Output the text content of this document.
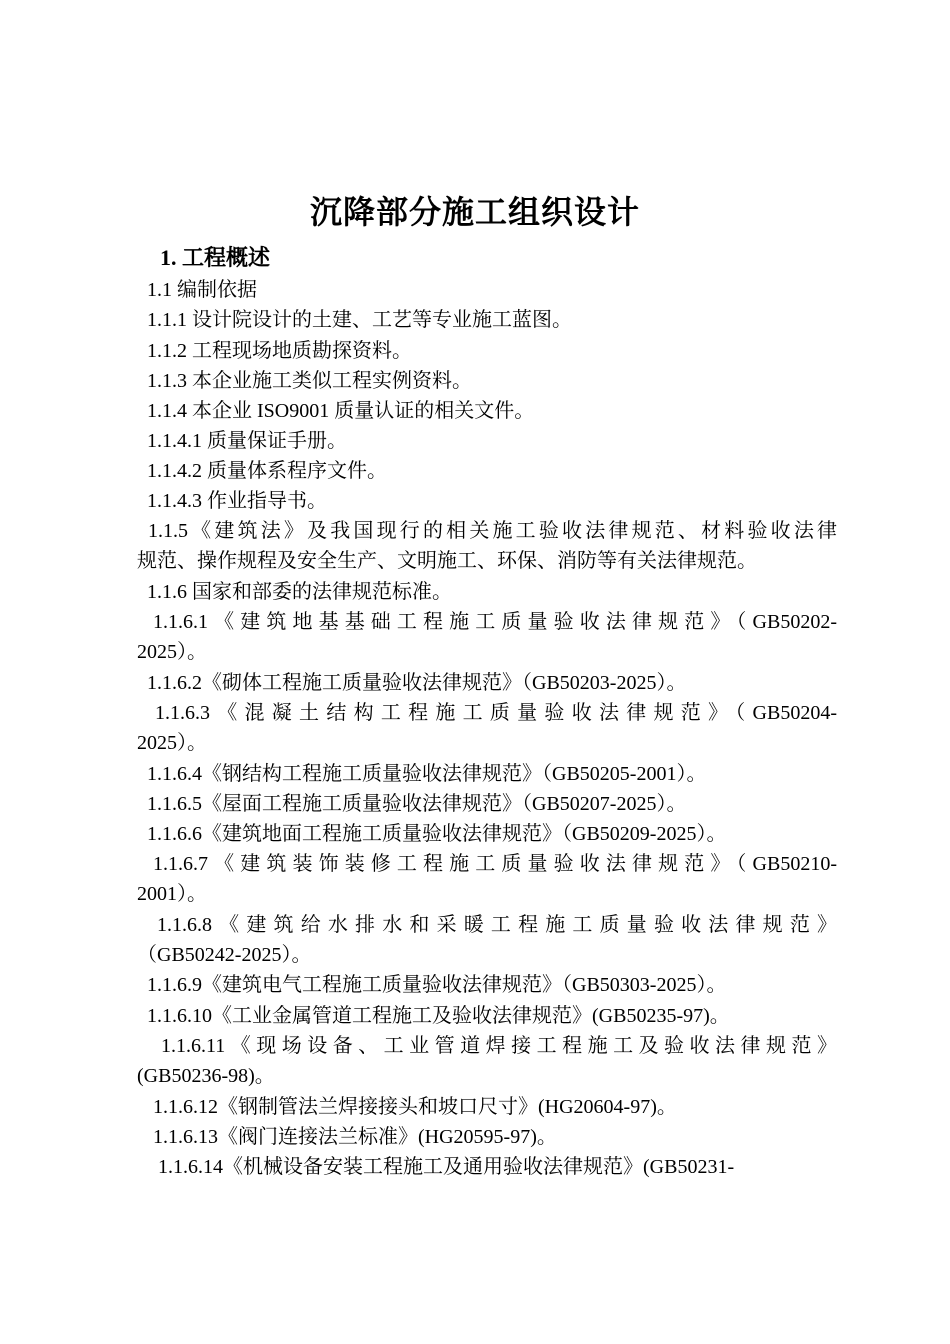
沉降部分施工组织设计
1. 工程概述
1.1 编制依据
1.1.1 设计院设计的土建、工艺等专业施工蓝图。
1.1.2 工程现场地质勘探资料。
1.1.3 本企业施工类似工程实例资料。
1.1.4 本企业 ISO9001 质量认证的相关文件。
1.1.4.1 质量保证手册。
1.1.4.2 质量体系程序文件。
1.1.4.3 作业指导书。
1.1.5《建筑法》及我国现行的相关施工验收法律规范、材料验收法律
规范、操作规程及安全生产、文明施工、环保、消防等有关法律规范。
1.1.6 国家和部委的法律规范标准。
1.1.6.1《建筑地基基础工程施工质量验收法律规范》（GB50202-
2025）。
1.1.6.2《砌体工程施工质量验收法律规范》（GB50203-2025）。
1.1.6.3《混凝土结构工程施工质量验收法律规范》（GB50204-
2025）。
1.1.6.4《钢结构工程施工质量验收法律规范》（GB50205-2001）。
1.1.6.5《屋面工程施工质量验收法律规范》（GB50207-2025）。
1.1.6.6《建筑地面工程施工质量验收法律规范》（GB50209-2025）。
1.1.6.7《建筑装饰装修工程施工质量验收法律规范》（GB50210-
2001）。
1.1.6.8《建筑给水排水和采暖工程施工质量验收法律规范》
（GB50242-2025）。
1.1.6.9《建筑电气工程施工质量验收法律规范》（GB50303-2025）。
1.1.6.10《工业金属管道工程施工及验收法律规范》(GB50235-97)。
1.1.6.11《现场设备、工业管道焊接工程施工及验收法律规范》
(GB50236-98)。
1.1.6.12《钢制管法兰焊接接头和坡口尺寸》(HG20604-97)。
1.1.6.13《阀门连接法兰标准》(HG20595-97)。
1.1.6.14《机械设备安装工程施工及通用验收法律规范》(GB50231-
